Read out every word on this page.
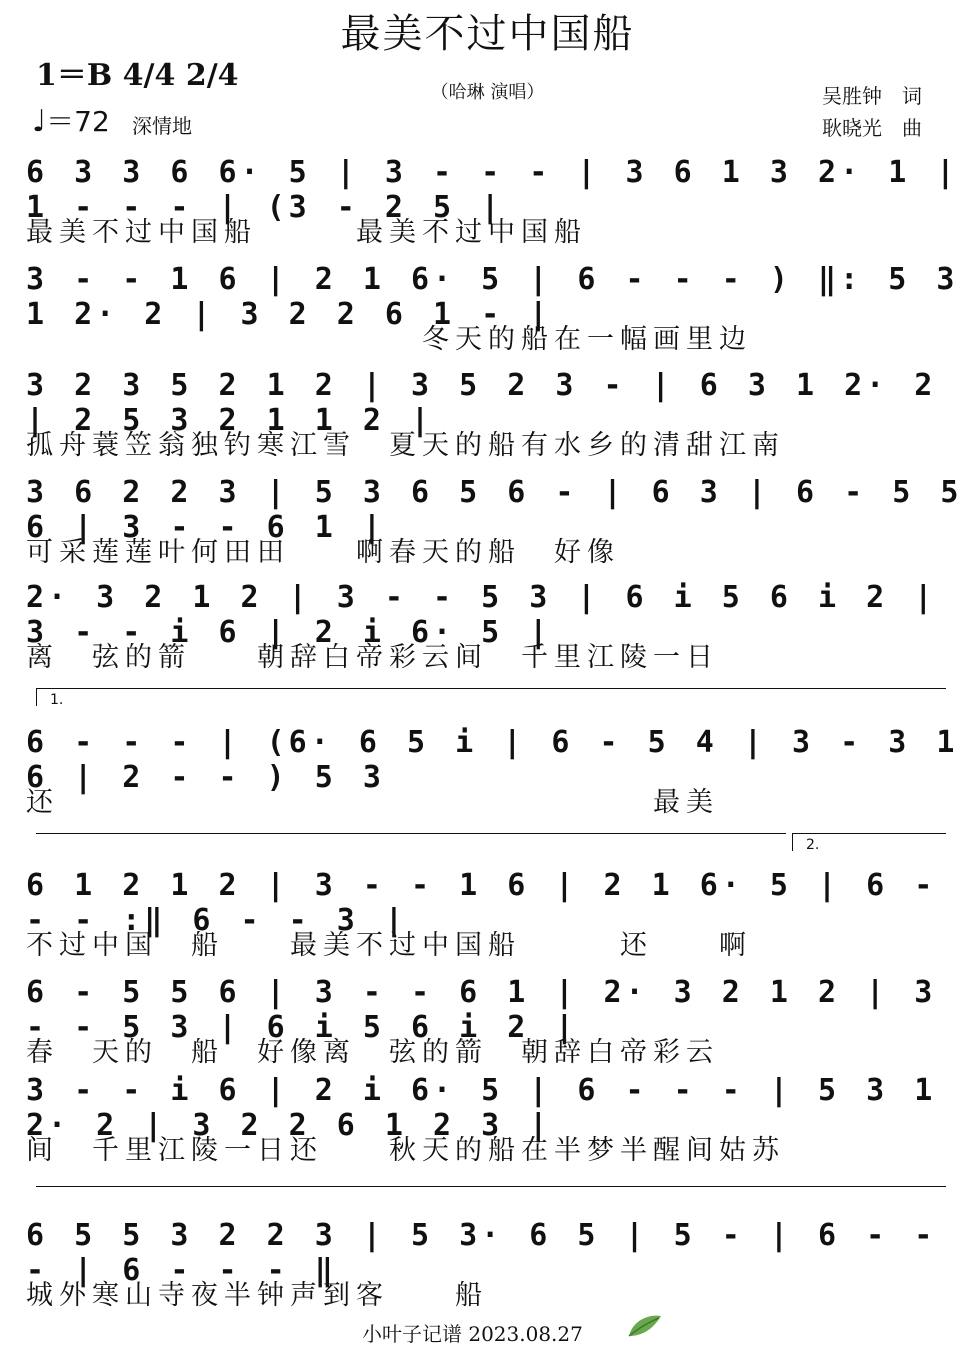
最美不过中国船
（哈琳 演唱）
1＝B 4/4 2/4
♩＝72 深情地
吴胜钟　词
耿晓光　曲
6 3 3 6 6· 5 | 3 - - - | 3 6 1 3 2· 1 | 1 - - - | (3 - 2 5 |
最美不过中国船　　　最美不过中国船
3 - - 1 6 | 2 1 6· 5 | 6 - - - ) ‖: 5 3 1 2· 2 | 3 2 2 6 1 - |
　　　　　　　　　　　　冬天的船在一幅画里边
3 2 3 5 2 1 2 | 3 5 2 3 - | 6 3 1 2· 2 | 2 5 3 2 1 1 2 |
孤舟蓑笠翁独钓寒江雪　夏天的船有水乡的清甜江南
3 6 2 2 3 | 5 3 6 5 6 - | 6 3 | 6 - 5 5 6 | 3 - - 6 1 |
可采莲莲叶何田田　　啊春天的船　好像
2· 3 2 1 2 | 3 - - 5 3 | 6 i 5 6 i 2 | 3 - - i 6 | 2 i 6· 5 |
离　弦的箭　　朝辞白帝彩云间　千里江陵一日
6 - - - | (6· 6 5 i | 6 - 5 4 | 3 - 3 1 6 | 2 - - ) 5 3
还　　　　　　　　　　　　　　　　　　最美
6 1 2 1 2 | 3 - - 1 6 | 2 1 6· 5 | 6 - - - :‖ 6 - - 3 |
不过中国　船　　最美不过中国船　　　还　　啊
6 - 5 5 6 | 3 - - 6 1 | 2· 3 2 1 2 | 3 - - 5 3 | 6 i 5 6 i 2 |
春　天的　船　好像离　弦的箭　朝辞白帝彩云
3 - - i 6 | 2 i 6· 5 | 6 - - - | 5 3 1 2· 2 | 3 2 2 6 1 2 3 |
间　千里江陵一日还　　秋天的船在半梦半醒间姑苏
6 5 5 3 2 2 3 | 5 3· 6 5 | 5 - | 6 - - - | 6 - - - ‖
城外寒山寺夜半钟声到客　　船
1.
2.
小叶子记谱 2023.08.27
